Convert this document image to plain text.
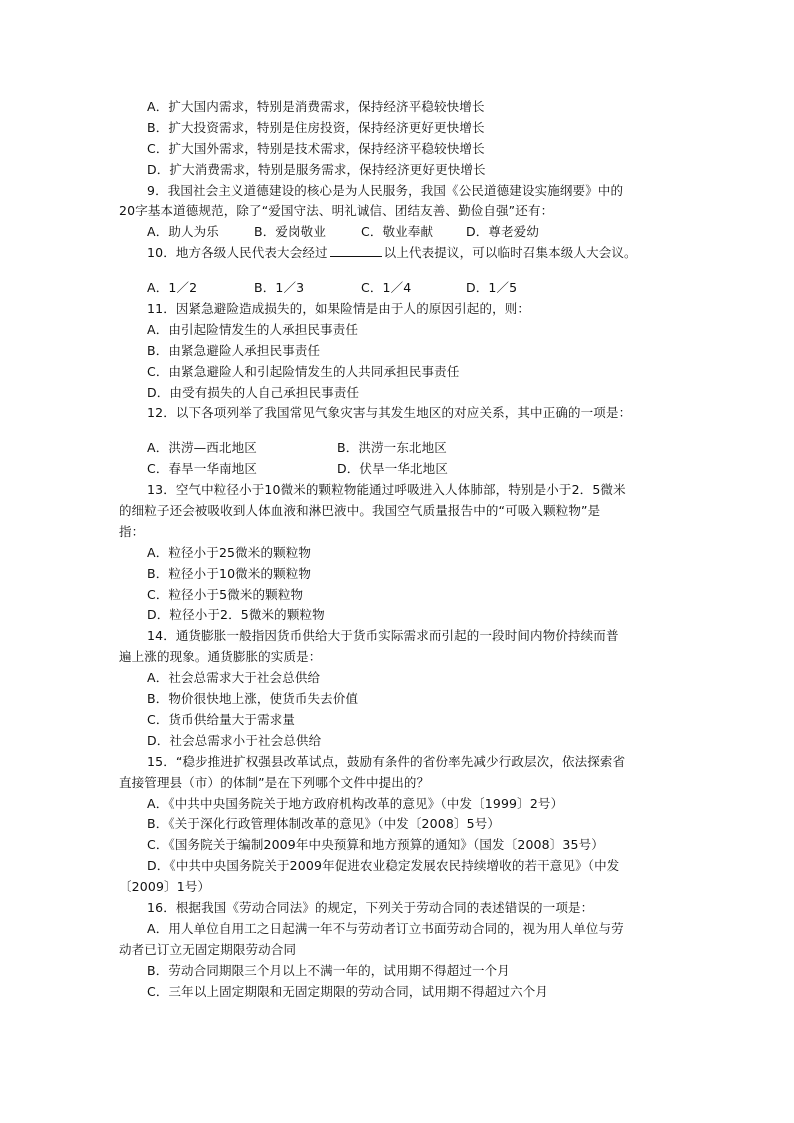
A．扩大国内需求，特别是消费需求，保持经济平稳较快增长
B．扩大投资需求，特别是住房投资，保持经济更好更快增长
C．扩大国外需求，特别是技术需求，保持经济平稳较快增长
D．扩大消费需求，特别是服务需求，保持经济更好更快增长
9．我国社会主义道德建设的核心是为人民服务，我国《公民道德建设实施纲要》中的
20字基本道德规范，除了“爱国守法、明礼诚信、团结友善、勤俭自强”还有：
A．助人为乐	B．爱岗敬业	C．敬业奉献	D．尊老爱幼
10．地方各级人民代表大会经过	以上代表提议，可以临时召集本级人大会议。
A．1／2	B．1／3	C．1／4	D．1／5
11．因紧急避险造成损失的，如果险情是由于人的原因引起的，则：
A．由引起险情发生的人承担民事责任
B．由紧急避险人承担民事责任
C．由紧急避险人和引起险情发生的人共同承担民事责任
D．由受有损失的人自己承担民事责任
12．以下各项列举了我国常见气象灾害与其发生地区的对应关系，其中正确的一项是：
A．洪涝—西北地区	B．洪涝一东北地区
C．春旱一华南地区	D．伏旱一华北地区
13．空气中粒径小于10微米的颗粒物能通过呼吸进入人体肺部，特别是小于2．5微米
的细粒子还会被吸收到人体血液和淋巴液中。我国空气质量报告中的“可吸入颗粒物”是
指：
A．粒径小于25微米的颗粒物
B．粒径小于10微米的颗粒物
C．粒径小于5微米的颗粒物
D．粒径小于2．5微米的颗粒物
14．通货膨胀一般指因货币供给大于货币实际需求而引起的一段时间内物价持续而普
遍上涨的现象。通货膨胀的实质是：
A．社会总需求大于社会总供给
B．物价很快地上涨，使货币失去价值
C．货币供给量大于需求量
D．社会总需求小于社会总供给
15．“稳步推进扩权强县改革试点，鼓励有条件的省份率先减少行政层次，依法探索省
直接管理县（市）的体制”是在下列哪个文件中提出的？
A．《中共中央国务院关于地方政府机构改革的意见》（中发〔1999〕2号）
B．《关于深化行政管理体制改革的意见》（中发〔2008〕5号）
C．《国务院关于编制2009年中央预算和地方预算的通知》（国发〔2008〕35号）
D．《中共中央国务院关于2009年促进农业稳定发展农民持续增收的若干意见》（中发
〔2009〕1号）
16．根据我国《劳动合同法》的规定，下列关于劳动合同的表述错误的一项是：
A．用人单位自用工之日起满一年不与劳动者订立书面劳动合同的，视为用人单位与劳
动者已订立无固定期限劳动合同
B．劳动合同期限三个月以上不满一年的，试用期不得超过一个月
C．三年以上固定期限和无固定期限的劳动合同，试用期不得超过六个月
